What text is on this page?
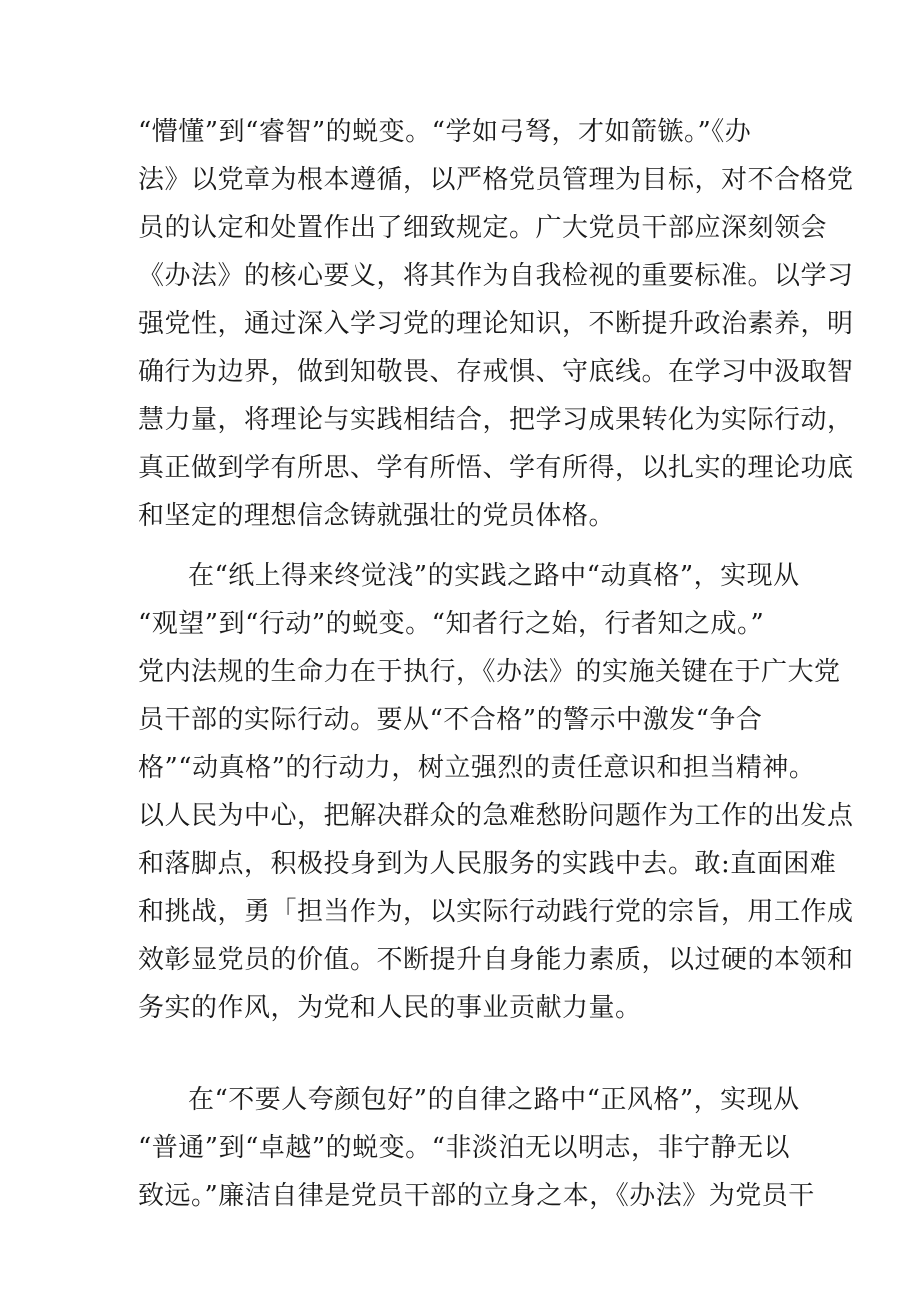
“懵懂”到“睿智”的蜕变。“学如弓弩，才如箭镞。”《办
法》以党章为根本遵循，以严格党员管理为目标，对不合格党
员的认定和处置作出了细致规定。广大党员干部应深刻领会
《办法》的核心要义，将其作为自我检视的重要标准。以学习
强党性，通过深入学习党的理论知识，不断提升政治素养，明
确行为边界，做到知敬畏、存戒惧、守底线。在学习中汲取智
慧力量，将理论与实践相结合，把学习成果转化为实际行动，
真正做到学有所思、学有所悟、学有所得，以扎实的理论功底
和坚定的理想信念铸就强壮的党员体格。
在“纸上得来终觉浅”的实践之路中“动真格”，实现从
“观望”到“行动”的蜕变。“知者行之始，行者知之成。”
党内法规的生命力在于执行，《办法》的实施关键在于广大党
员干部的实际行动。要从“不合格”的警示中激发“争合
格”“动真格”的行动力，树立强烈的责任意识和担当精神。
以人民为中心，把解决群众的急难愁盼问题作为工作的出发点
和落脚点，积极投身到为人民服务的实践中去。敢:直面困难
和挑战，勇「担当作为，以实际行动践行党的宗旨，用工作成
效彰显党员的价值。不断提升自身能力素质，以过硬的本领和
务实的作风，为党和人民的事业贡献力量。
在“不要人夸颜包好”的自律之路中“正风格”，实现从
“普通”到“卓越”的蜕变。“非淡泊无以明志，非宁静无以
致远。”廉洁自律是党员干部的立身之本，《办法》为党员干
